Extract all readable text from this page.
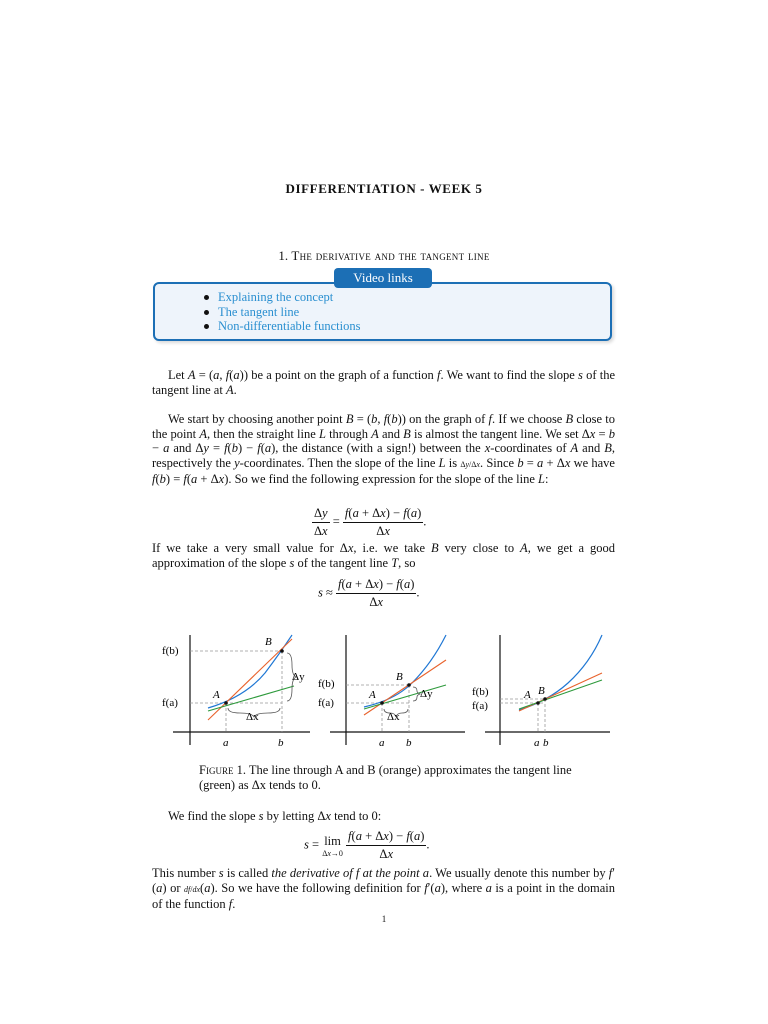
DIFFERENTIATION - WEEK 5
1. The derivative and the tangent line
Video links
Explaining the concept
The tangent line
Non-differentiable functions
Let A = (a, f(a)) be a point on the graph of a function f. We want to find the slope s of the tangent line at A.
We start by choosing another point B = (b, f(b)) on the graph of f. If we choose B close to the point A, then the straight line L through A and B is almost the tangent line. We set Δx = b − a and Δy = f(b) − f(a), the distance (with a sign!) between the x-coordinates of A and B, respectively the y-coordinates. Then the slope of the line L is Δy/Δx. Since b = a + Δx we have f(b) = f(a + Δx). So we find the following expression for the slope of the line L:
$\frac{\Delta y}{\Delta x} = \frac{f(a + \Delta x) - f(a)}{\Delta x}$ .
If we take a very small value for Δx, i.e. we take B very close to A, we get a good approximation of the slope s of the tangent line T, so
$s \approx \frac{f(a + \Delta x) - f(a)}{\Delta x}$ .
f(b)
f(a)
a	b
A
B
Δx
Δy
f(b)
f(a)
a b
A
B
Δx
Δy	f(b)
f(a)
a b
A B
Figure 1. The line through A and B (orange) approximates the tangent line (green) as Δx tends to 0.
We find the slope s by letting Δx tend to 0:
s = lim
Δx→0
$\frac{f(a + \Delta x) - f(a)}{\Delta x}$ .
This number s is called the derivative of f at the point a. We usually denote this number by f′(a) or df/dx(a). So we have the following definition for f′(a), where a is a point in the domain of the function f.
1
